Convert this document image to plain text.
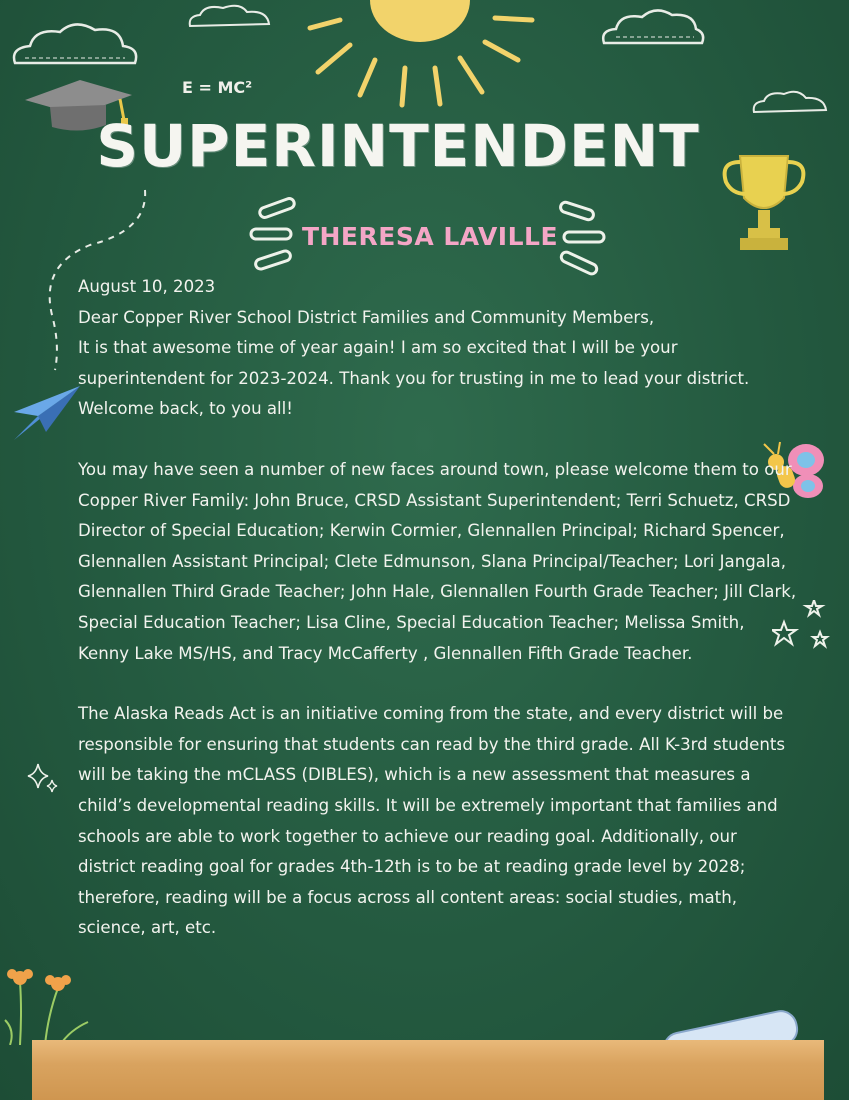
E = MC²
SUPERINTENDENT
THERESA LAVILLE

August 10, 2023

Dear Copper River School District Families and Community Members,

It is that awesome time of year again! I am so excited that I will be your superintendent for 2023-2024. Thank you for trusting in me to lead your district. Welcome back, to you all!

You may have seen a number of new faces around town, please welcome them to our Copper River Family: John Bruce, CRSD Assistant Superintendent; Terri Schuetz, CRSD Director of Special Education; Kerwin Cormier, Glennallen Principal; Richard Spencer, Glennallen Assistant Principal; Clete Edmunson, Slana Principal/Teacher; Lori Jangala, Glennallen Third Grade Teacher; John Hale, Glennallen Fourth Grade Teacher; Jill Clark, Special Education Teacher; Lisa Cline, Special Education Teacher; Melissa Smith, Kenny Lake MS/HS, and Tracy McCafferty , Glennallen Fifth Grade Teacher.

The Alaska Reads Act is an initiative coming from the state, and every district will be responsible for ensuring that students can read by the third grade. All K-3rd students will be taking the mCLASS (DIBLES), which is a new assessment that measures a child’s developmental reading skills. It will be extremely important that families and schools are able to work together to achieve our reading goal. Additionally, our district reading goal for grades 4th-12th is to be at reading grade level by 2028; therefore, reading will be a focus across all content areas: social studies, math, science, art, etc.
